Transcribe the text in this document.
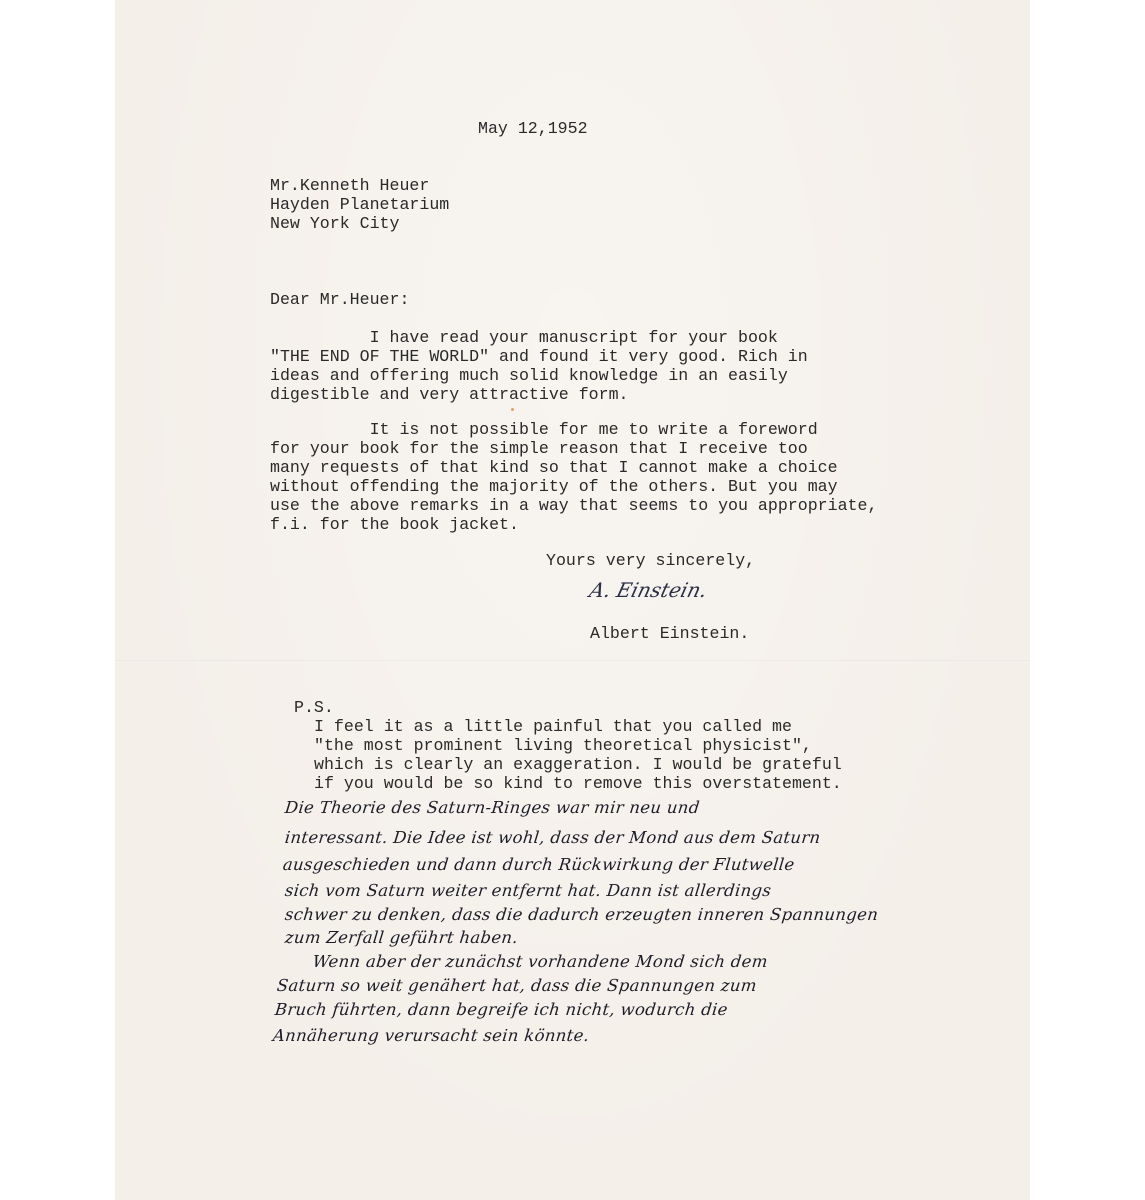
May 12,1952
Mr.Kenneth Heuer
Hayden Planetarium
New York City
Dear Mr.Heuer:
I have read your manuscript for your book
"THE END OF THE WORLD" and found it very good. Rich in
ideas and offering much solid knowledge in an easily
digestible and very attractive form.
It is not possible for me to write a foreword
for your book for the simple reason that I receive too
many requests of that kind so that I cannot make a choice
without offending the majority of the others. But you may
use the above remarks in a way that seems to you appropriate,
f.i. for the book jacket.
Yours very sincerely,
A. Einstein.
Albert Einstein.
P.S.
I feel it as a little painful that you called me
"the most prominent living theoretical physicist",
which is clearly an exaggeration. I would be grateful
if you would be so kind to remove this overstatement.
Die Theorie des Saturn-Ringes war mir neu und
interessant. Die Idee ist wohl, dass der Mond aus dem Saturn
ausgeschieden und dann durch Rückwirkung der Flutwelle
sich vom Saturn weiter entfernt hat. Dann ist allerdings
schwer zu denken, dass die dadurch erzeugten inneren Spannungen
zum Zerfall geführt haben.
Wenn aber der zunächst vorhandene Mond sich dem
Saturn so weit genähert hat, dass die Spannungen zum
Bruch führten, dann begreife ich nicht, wodurch die
Annäherung verursacht sein könnte.
